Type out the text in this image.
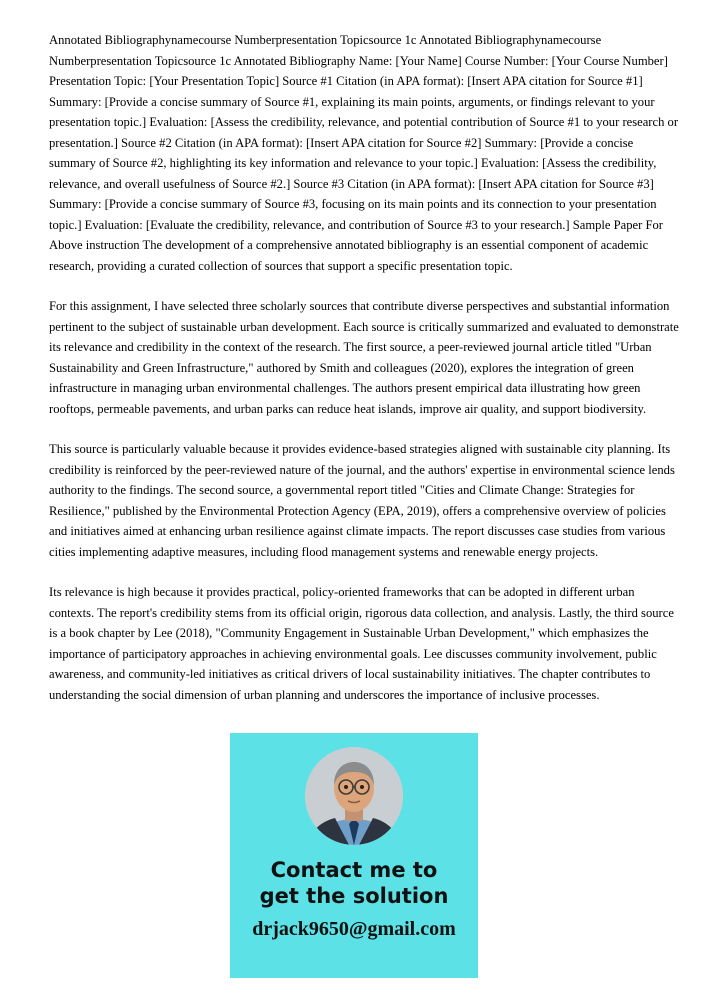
Annotated Bibliographynamecourse Numberpresentation Topicsource 1c Annotated Bibliographynamecourse Numberpresentation Topicsource 1c Annotated Bibliography Name: [Your Name] Course Number: [Your Course Number] Presentation Topic: [Your Presentation Topic] Source #1 Citation (in APA format): [Insert APA citation for Source #1] Summary: [Provide a concise summary of Source #1, explaining its main points, arguments, or findings relevant to your presentation topic.] Evaluation: [Assess the credibility, relevance, and potential contribution of Source #1 to your research or presentation.] Source #2 Citation (in APA format): [Insert APA citation for Source #2] Summary: [Provide a concise summary of Source #2, highlighting its key information and relevance to your topic.] Evaluation: [Assess the credibility, relevance, and overall usefulness of Source #2.] Source #3 Citation (in APA format): [Insert APA citation for Source #3] Summary: [Provide a concise summary of Source #3, focusing on its main points and its connection to your presentation topic.] Evaluation: [Evaluate the credibility, relevance, and contribution of Source #3 to your research.] Sample Paper For Above instruction The development of a comprehensive annotated bibliography is an essential component of academic research, providing a curated collection of sources that support a specific presentation topic.

For this assignment, I have selected three scholarly sources that contribute diverse perspectives and substantial information pertinent to the subject of sustainable urban development. Each source is critically summarized and evaluated to demonstrate its relevance and credibility in the context of the research. The first source, a peer-reviewed journal article titled "Urban Sustainability and Green Infrastructure," authored by Smith and colleagues (2020), explores the integration of green infrastructure in managing urban environmental challenges. The authors present empirical data illustrating how green rooftops, permeable pavements, and urban parks can reduce heat islands, improve air quality, and support biodiversity.

This source is particularly valuable because it provides evidence-based strategies aligned with sustainable city planning. Its credibility is reinforced by the peer-reviewed nature of the journal, and the authors' expertise in environmental science lends authority to the findings. The second source, a governmental report titled "Cities and Climate Change: Strategies for Resilience," published by the Environmental Protection Agency (EPA, 2019), offers a comprehensive overview of policies and initiatives aimed at enhancing urban resilience against climate impacts. The report discusses case studies from various cities implementing adaptive measures, including flood management systems and renewable energy projects.

Its relevance is high because it provides practical, policy-oriented frameworks that can be adopted in different urban contexts. The report's credibility stems from its official origin, rigorous data collection, and analysis. Lastly, the third source is a book chapter by Lee (2018), "Community Engagement in Sustainable Urban Development," which emphasizes the importance of participatory approaches in achieving environmental goals. Lee discusses community involvement, public awareness, and community-led initiatives as critical drivers of local sustainability initiatives. The chapter contributes to understanding the social dimension of urban planning and underscores the importance of inclusive processes.

Contact me to
get the solution
drjack9650@gmail.com
